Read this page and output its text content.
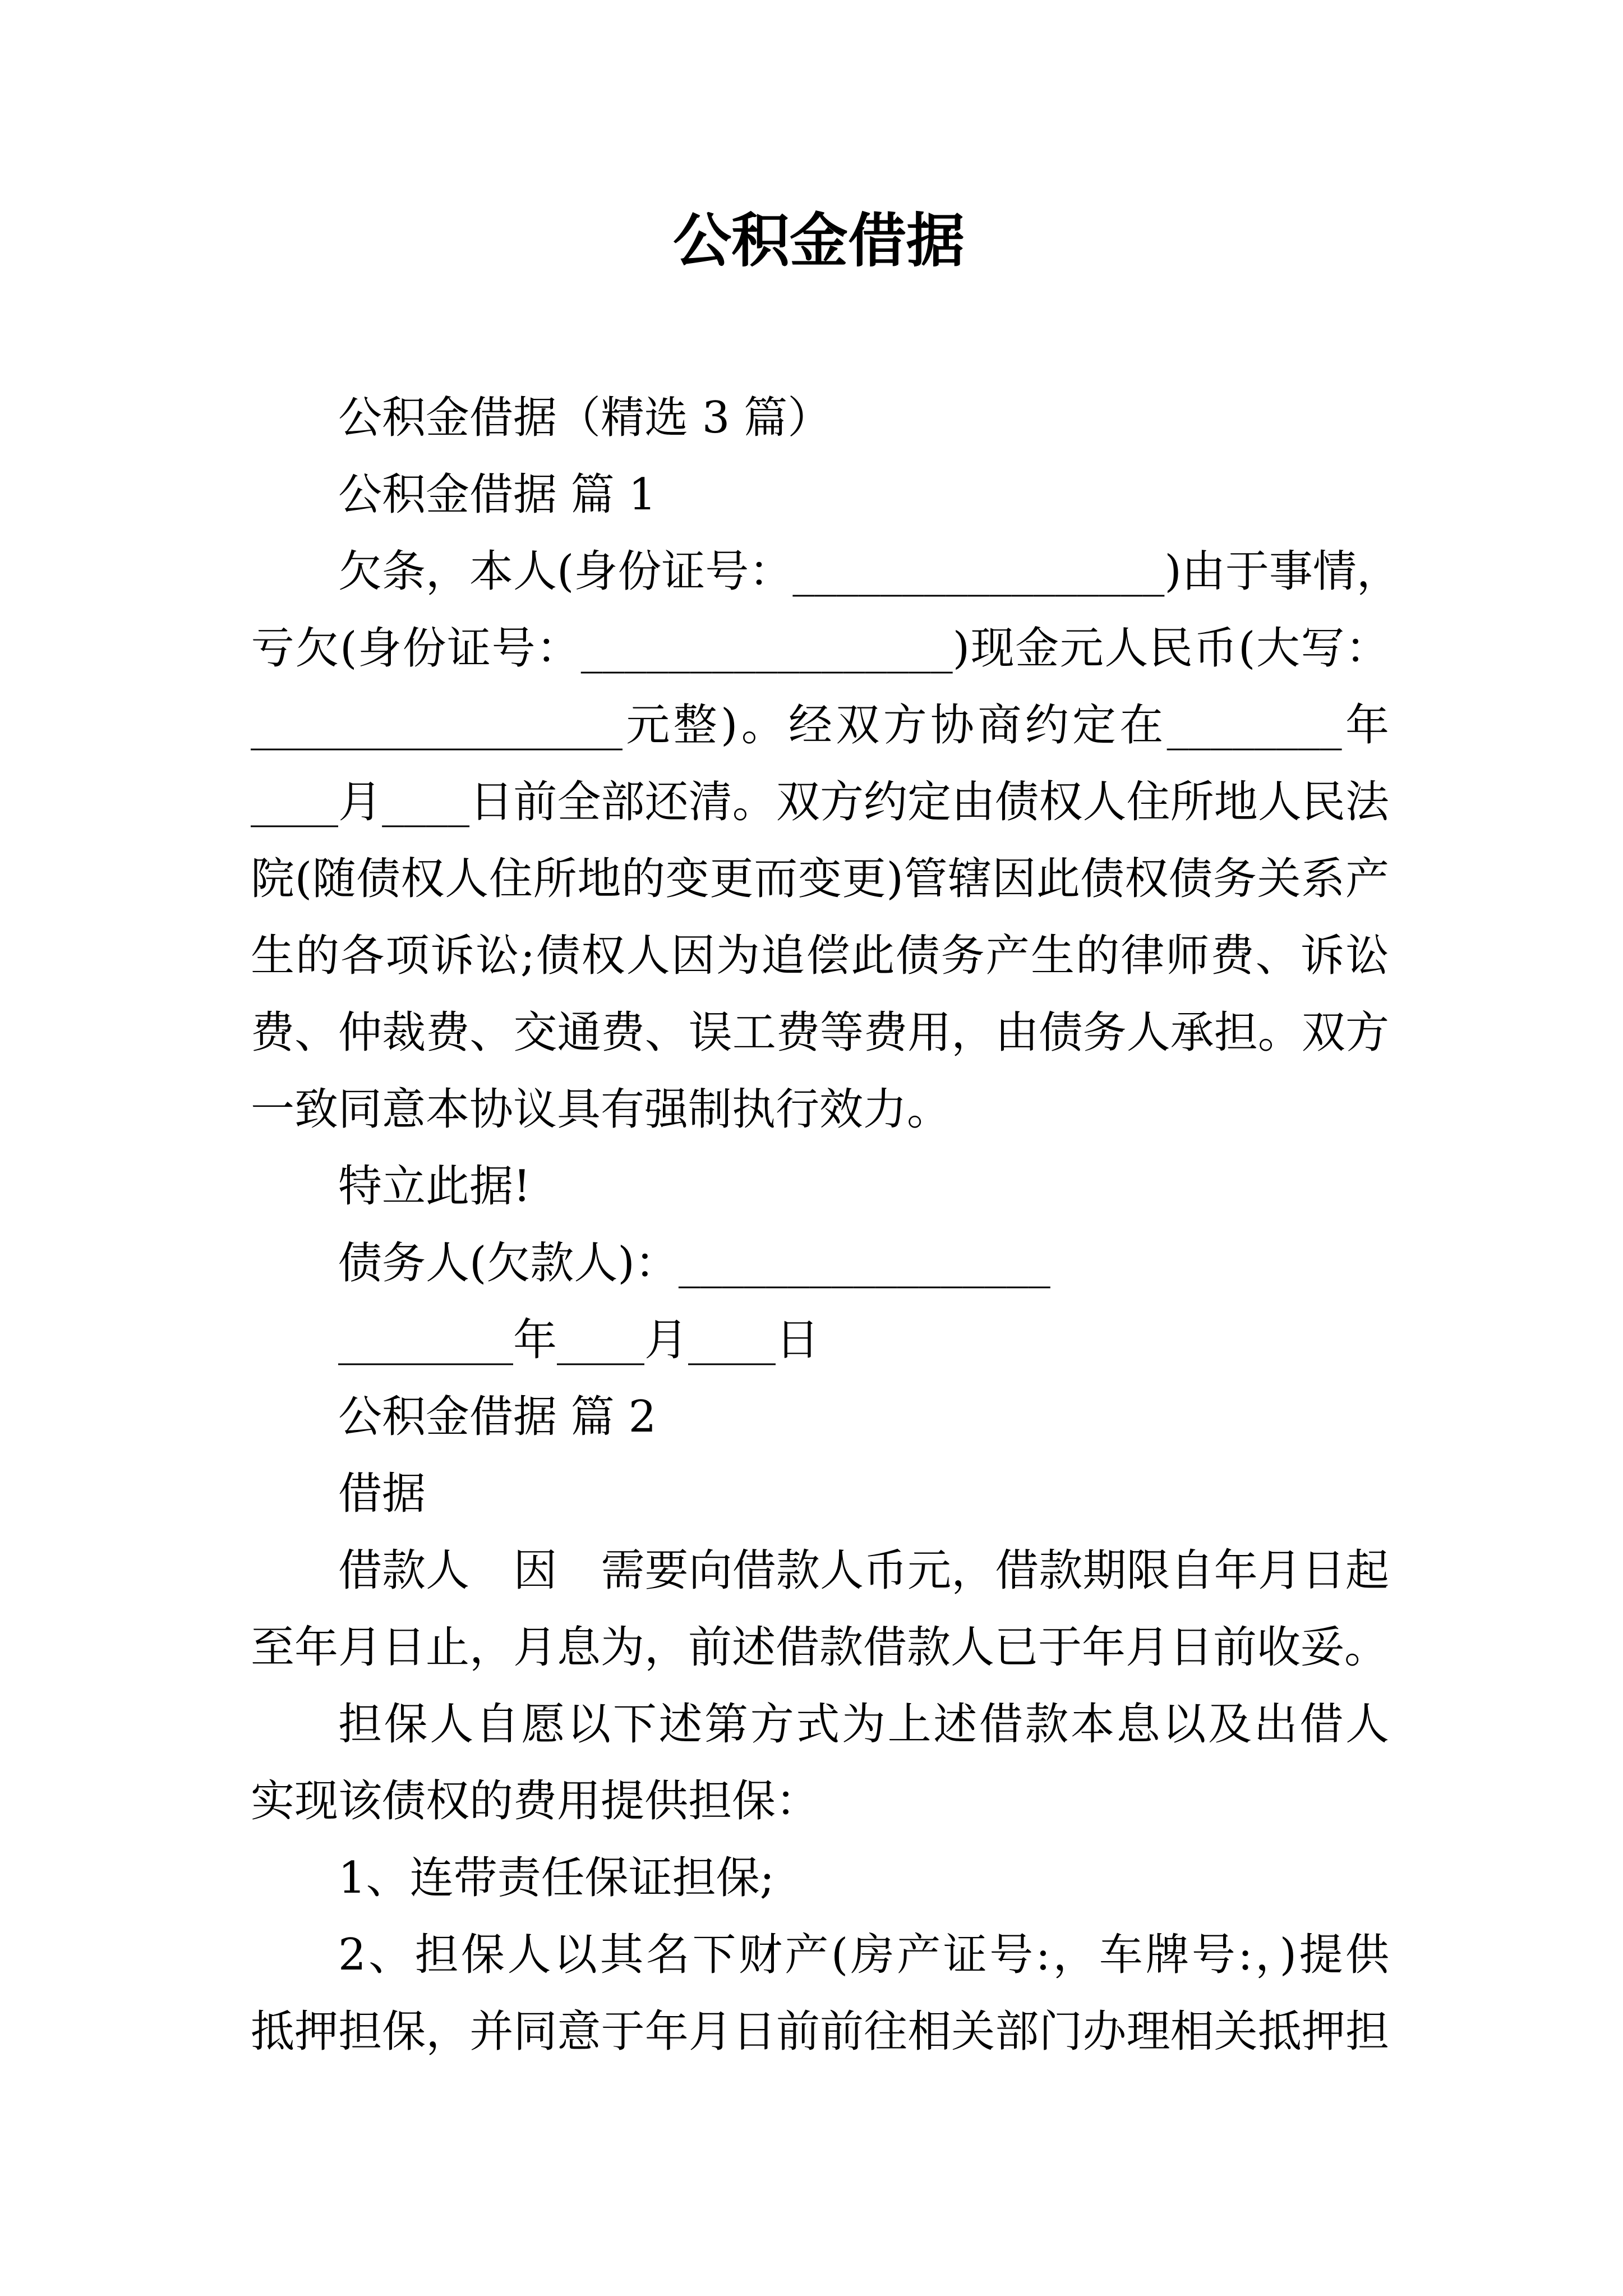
公积金借据
公积金借据（精选 3 篇）
公积金借据 篇 1
欠条，本人(身份证号：_________________)由于事情，
亏欠(身份证号：_________________)现金元人民币(大写：
_________________元整)。经双方协商约定在________年
____月____日前全部还清。双方约定由债权人住所地人民法
院(随债权人住所地的变更而变更)管辖因此债权债务关系产
生的各项诉讼;债权人因为追偿此债务产生的律师费、诉讼
费、仲裁费、交通费、误工费等费用，由债务人承担。双方
一致同意本协议具有强制执行效力。
特立此据!
债务人(欠款人)：_________________
________年____月____日
公积金借据 篇 2
借据
借款人　因　需要向借款人币元，借款期限自年月日起
至年月日止，月息为，前述借款借款人已于年月日前收妥。
担保人自愿以下述第方式为上述借款本息以及出借人
实现该债权的费用提供担保：
1、连带责任保证担保;
2、担保人以其名下财产(房产证号:，车牌号:，)提供
抵押担保，并同意于年月日前前往相关部门办理相关抵押担
